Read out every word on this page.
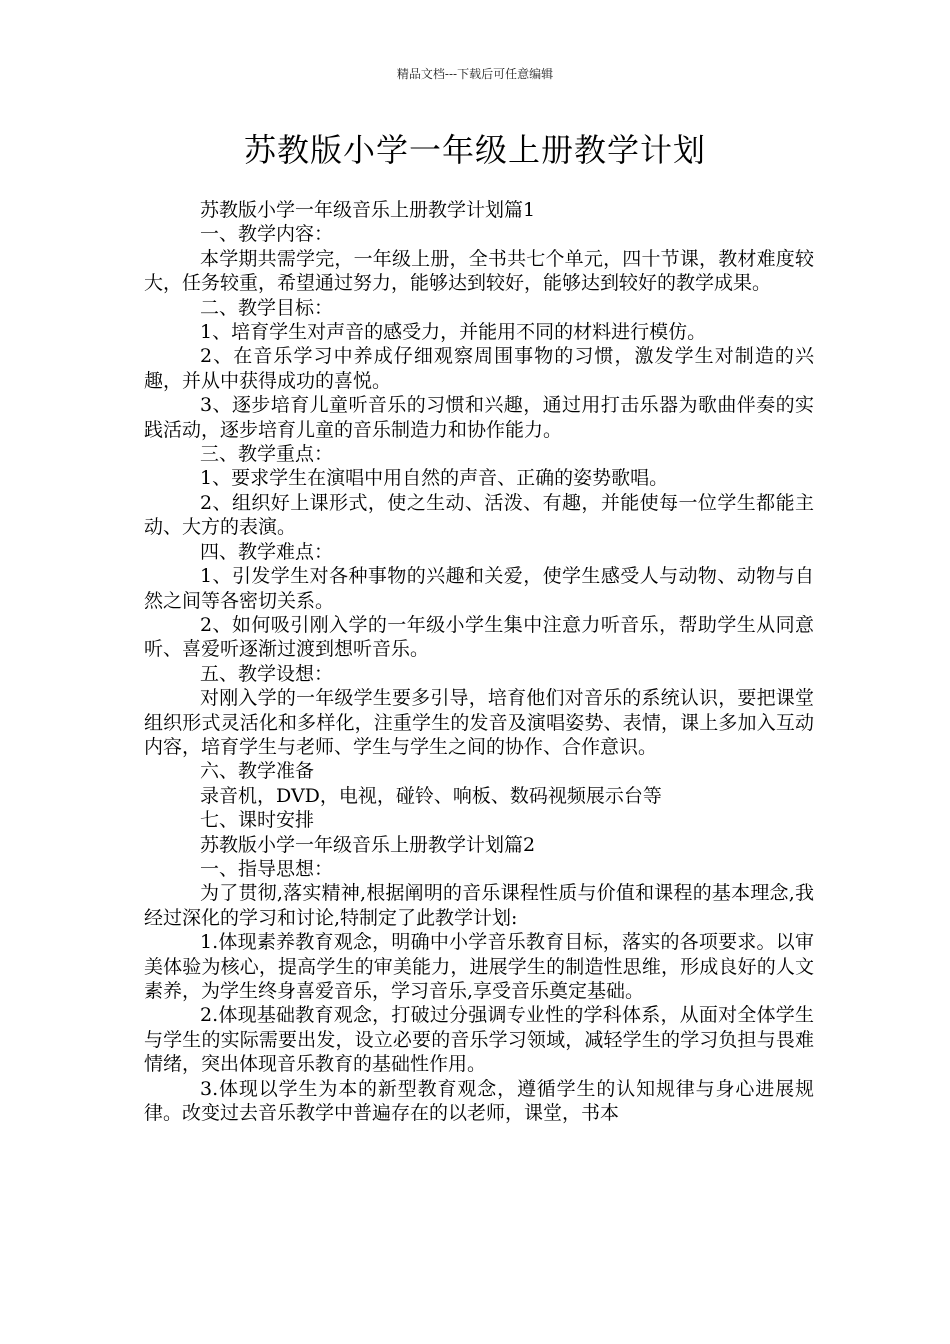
精品文档---下载后可任意编辑
苏教版小学一年级上册教学计划

苏教版小学一年级音乐上册教学计划篇1

一、教学内容：

本学期共需学完，一年级上册，全书共七个单元，四十节课，教材难度较大，任务较重，希望通过努力，能够达到较好，能够达到较好的教学成果。

二、教学目标：

1、培育学生对声音的感受力，并能用不同的材料进行模仿。

2、在音乐学习中养成仔细观察周围事物的习惯，激发学生对制造的兴趣，并从中获得成功的喜悦。

3、逐步培育儿童听音乐的习惯和兴趣，通过用打击乐器为歌曲伴奏的实践活动，逐步培育儿童的音乐制造力和协作能力。

三、教学重点：

1、要求学生在演唱中用自然的声音、正确的姿势歌唱。

2、组织好上课形式，使之生动、活泼、有趣，并能使每一位学生都能主动、大方的表演。

四、教学难点：

1、引发学生对各种事物的兴趣和关爱，使学生感受人与动物、动物与自然之间等各密切关系。

2、如何吸引刚入学的一年级小学生集中注意力听音乐，帮助学生从同意听、喜爱听逐渐过渡到想听音乐。

五、教学设想：

对刚入学的一年级学生要多引导，培育他们对音乐的系统认识，要把课堂组织形式灵活化和多样化，注重学生的发音及演唱姿势、表情，课上多加入互动内容，培育学生与老师、学生与学生之间的协作、合作意识。

六、教学准备

录音机，DVD，电视，碰铃、响板、数码视频展示台等

七、课时安排

苏教版小学一年级音乐上册教学计划篇2

一、指导思想：

为了贯彻,落实精神,根据阐明的音乐课程性质与价值和课程的基本理念,我经过深化的学习和讨论,特制定了此教学计划:

1.体现素养教育观念，明确中小学音乐教育目标，落实的各项要求。以审美体验为核心，提高学生的审美能力，进展学生的制造性思维，形成良好的人文素养，为学生终身喜爱音乐，学习音乐,享受音乐奠定基础。

2.体现基础教育观念，打破过分强调专业性的学科体系，从面对全体学生与学生的实际需要出发，设立必要的音乐学习领域，减轻学生的学习负担与畏难情绪，突出体现音乐教育的基础性作用。

3.体现以学生为本的新型教育观念，遵循学生的认知规律与身心进展规律。改变过去音乐教学中普遍存在的以老师，课堂，书本
